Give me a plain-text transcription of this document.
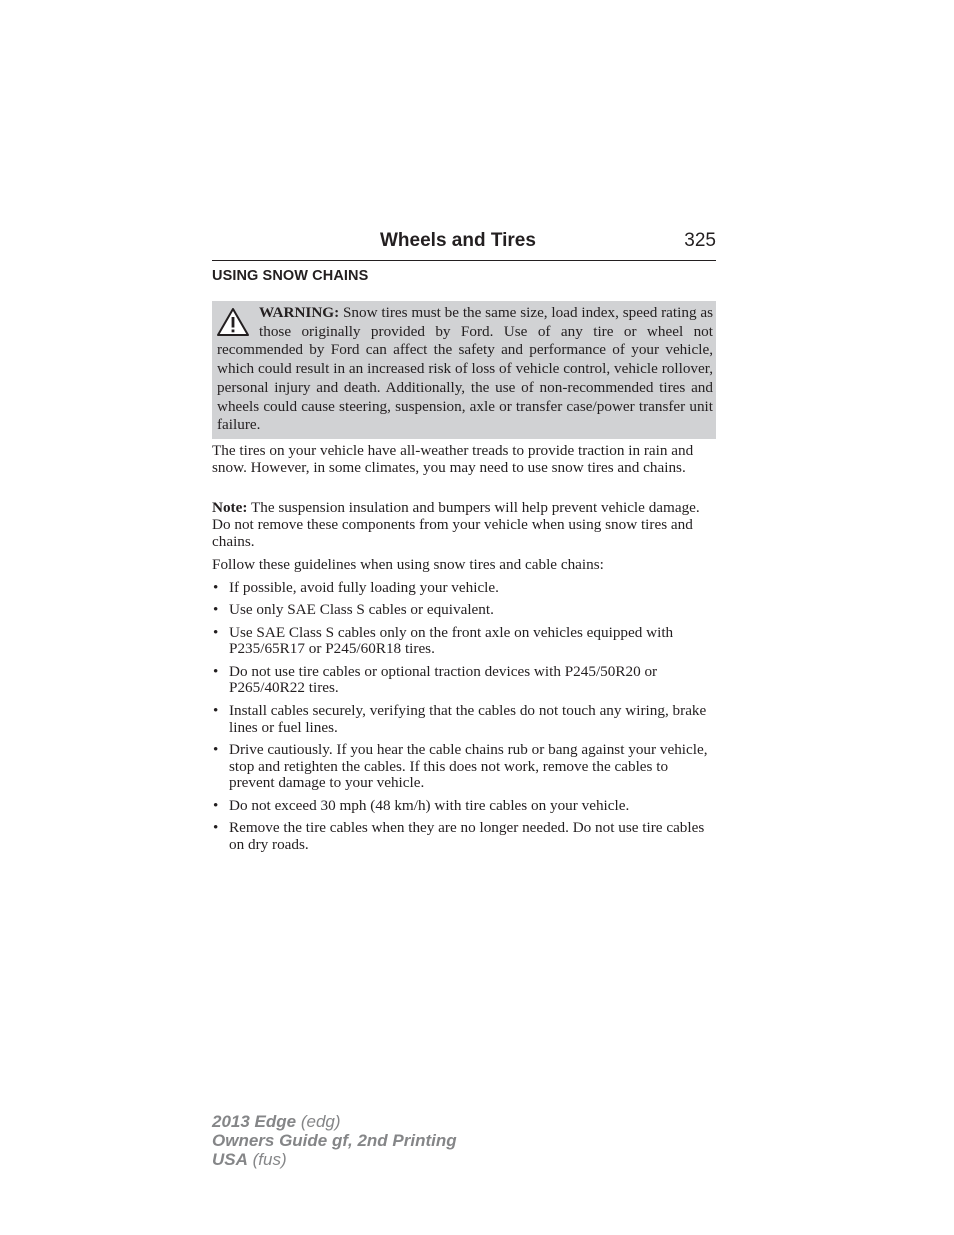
Wheels and Tires	325
USING SNOW CHAINS
WARNING: Snow tires must be the same size, load index, speed rating as those originally provided by Ford. Use of any tire or wheel not recommended by Ford can affect the safety and performance of your vehicle, which could result in an increased risk of loss of vehicle control, vehicle rollover, personal injury and death. Additionally, the use of non-recommended tires and wheels could cause steering, suspension, axle or transfer case/power transfer unit failure.

The tires on your vehicle have all-weather treads to provide traction in rain and snow. However, in some climates, you may need to use snow tires and chains.

Note: The suspension insulation and bumpers will help prevent vehicle damage. Do not remove these components from your vehicle when using snow tires and chains.

Follow these guidelines when using snow tires and cable chains:

• If possible, avoid fully loading your vehicle.
• Use only SAE Class S cables or equivalent.
• Use SAE Class S cables only on the front axle on vehicles equipped with P235/65R17 or P245/60R18 tires.
• Do not use tire cables or optional traction devices with P245/50R20 or P265/40R22 tires.
• Install cables securely, verifying that the cables do not touch any wiring, brake lines or fuel lines.
• Drive cautiously. If you hear the cable chains rub or bang against your vehicle, stop and retighten the cables. If this does not work, remove the cables to prevent damage to your vehicle.
• Do not exceed 30 mph (48 km/h) with tire cables on your vehicle.
• Remove the tire cables when they are no longer needed. Do not use tire cables on dry roads.
2013 Edge (edg)
Owners Guide gf, 2nd Printing
USA (fus)
